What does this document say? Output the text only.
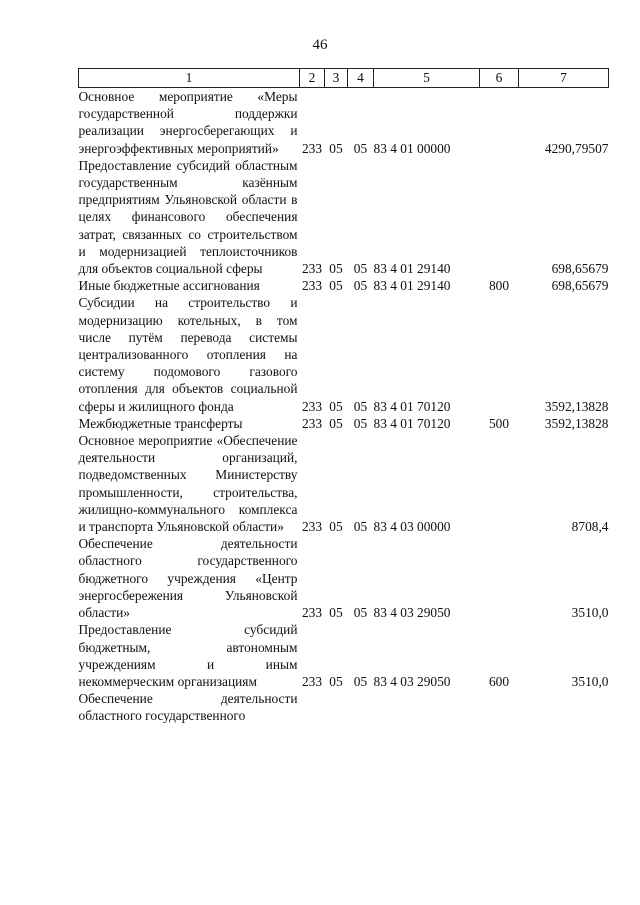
46
1	2	3	4	5	6	7
Основное мероприятие «Меры государственной поддержки реализации энергосберегающих и энергоэффективных мероприятий»	233	05	05	83 4 01 00000		4290,79507
Предоставление субсидий областным государственным казённым предприятиям Ульяновской области в целях финансового обеспечения затрат, связанных со строительством и модернизацией теплоисточников для объектов социальной сферы	233	05	05	83 4 01 29140		698,65679
Иные бюджетные ассигнования	233	05	05	83 4 01 29140	800	698,65679
Субсидии на строительство и модернизацию котельных, в том числе путём перевода системы централизованного отопления на систему подомового газового отопления для объектов социальной сферы и жилищного фонда	233	05	05	83 4 01 70120		3592,13828
Межбюджетные трансферты	233	05	05	83 4 01 70120	500	3592,13828
Основное мероприятие «Обеспечение деятельности организаций, подведомственных Министерству промышленности, строительства, жилищно-коммунального комплекса и транспорта Ульяновской области»	233	05	05	83 4 03 00000		8708,4
Обеспечение деятельности областного государственного бюджетного учреждения «Центр энергосбережения Ульяновской области»	233	05	05	83 4 03 29050		3510,0
Предоставление субсидий бюджетным, автономным учреждениям и иным некоммерческим организациям	233	05	05	83 4 03 29050	600	3510,0
Обеспечение деятельности областного государственного						
